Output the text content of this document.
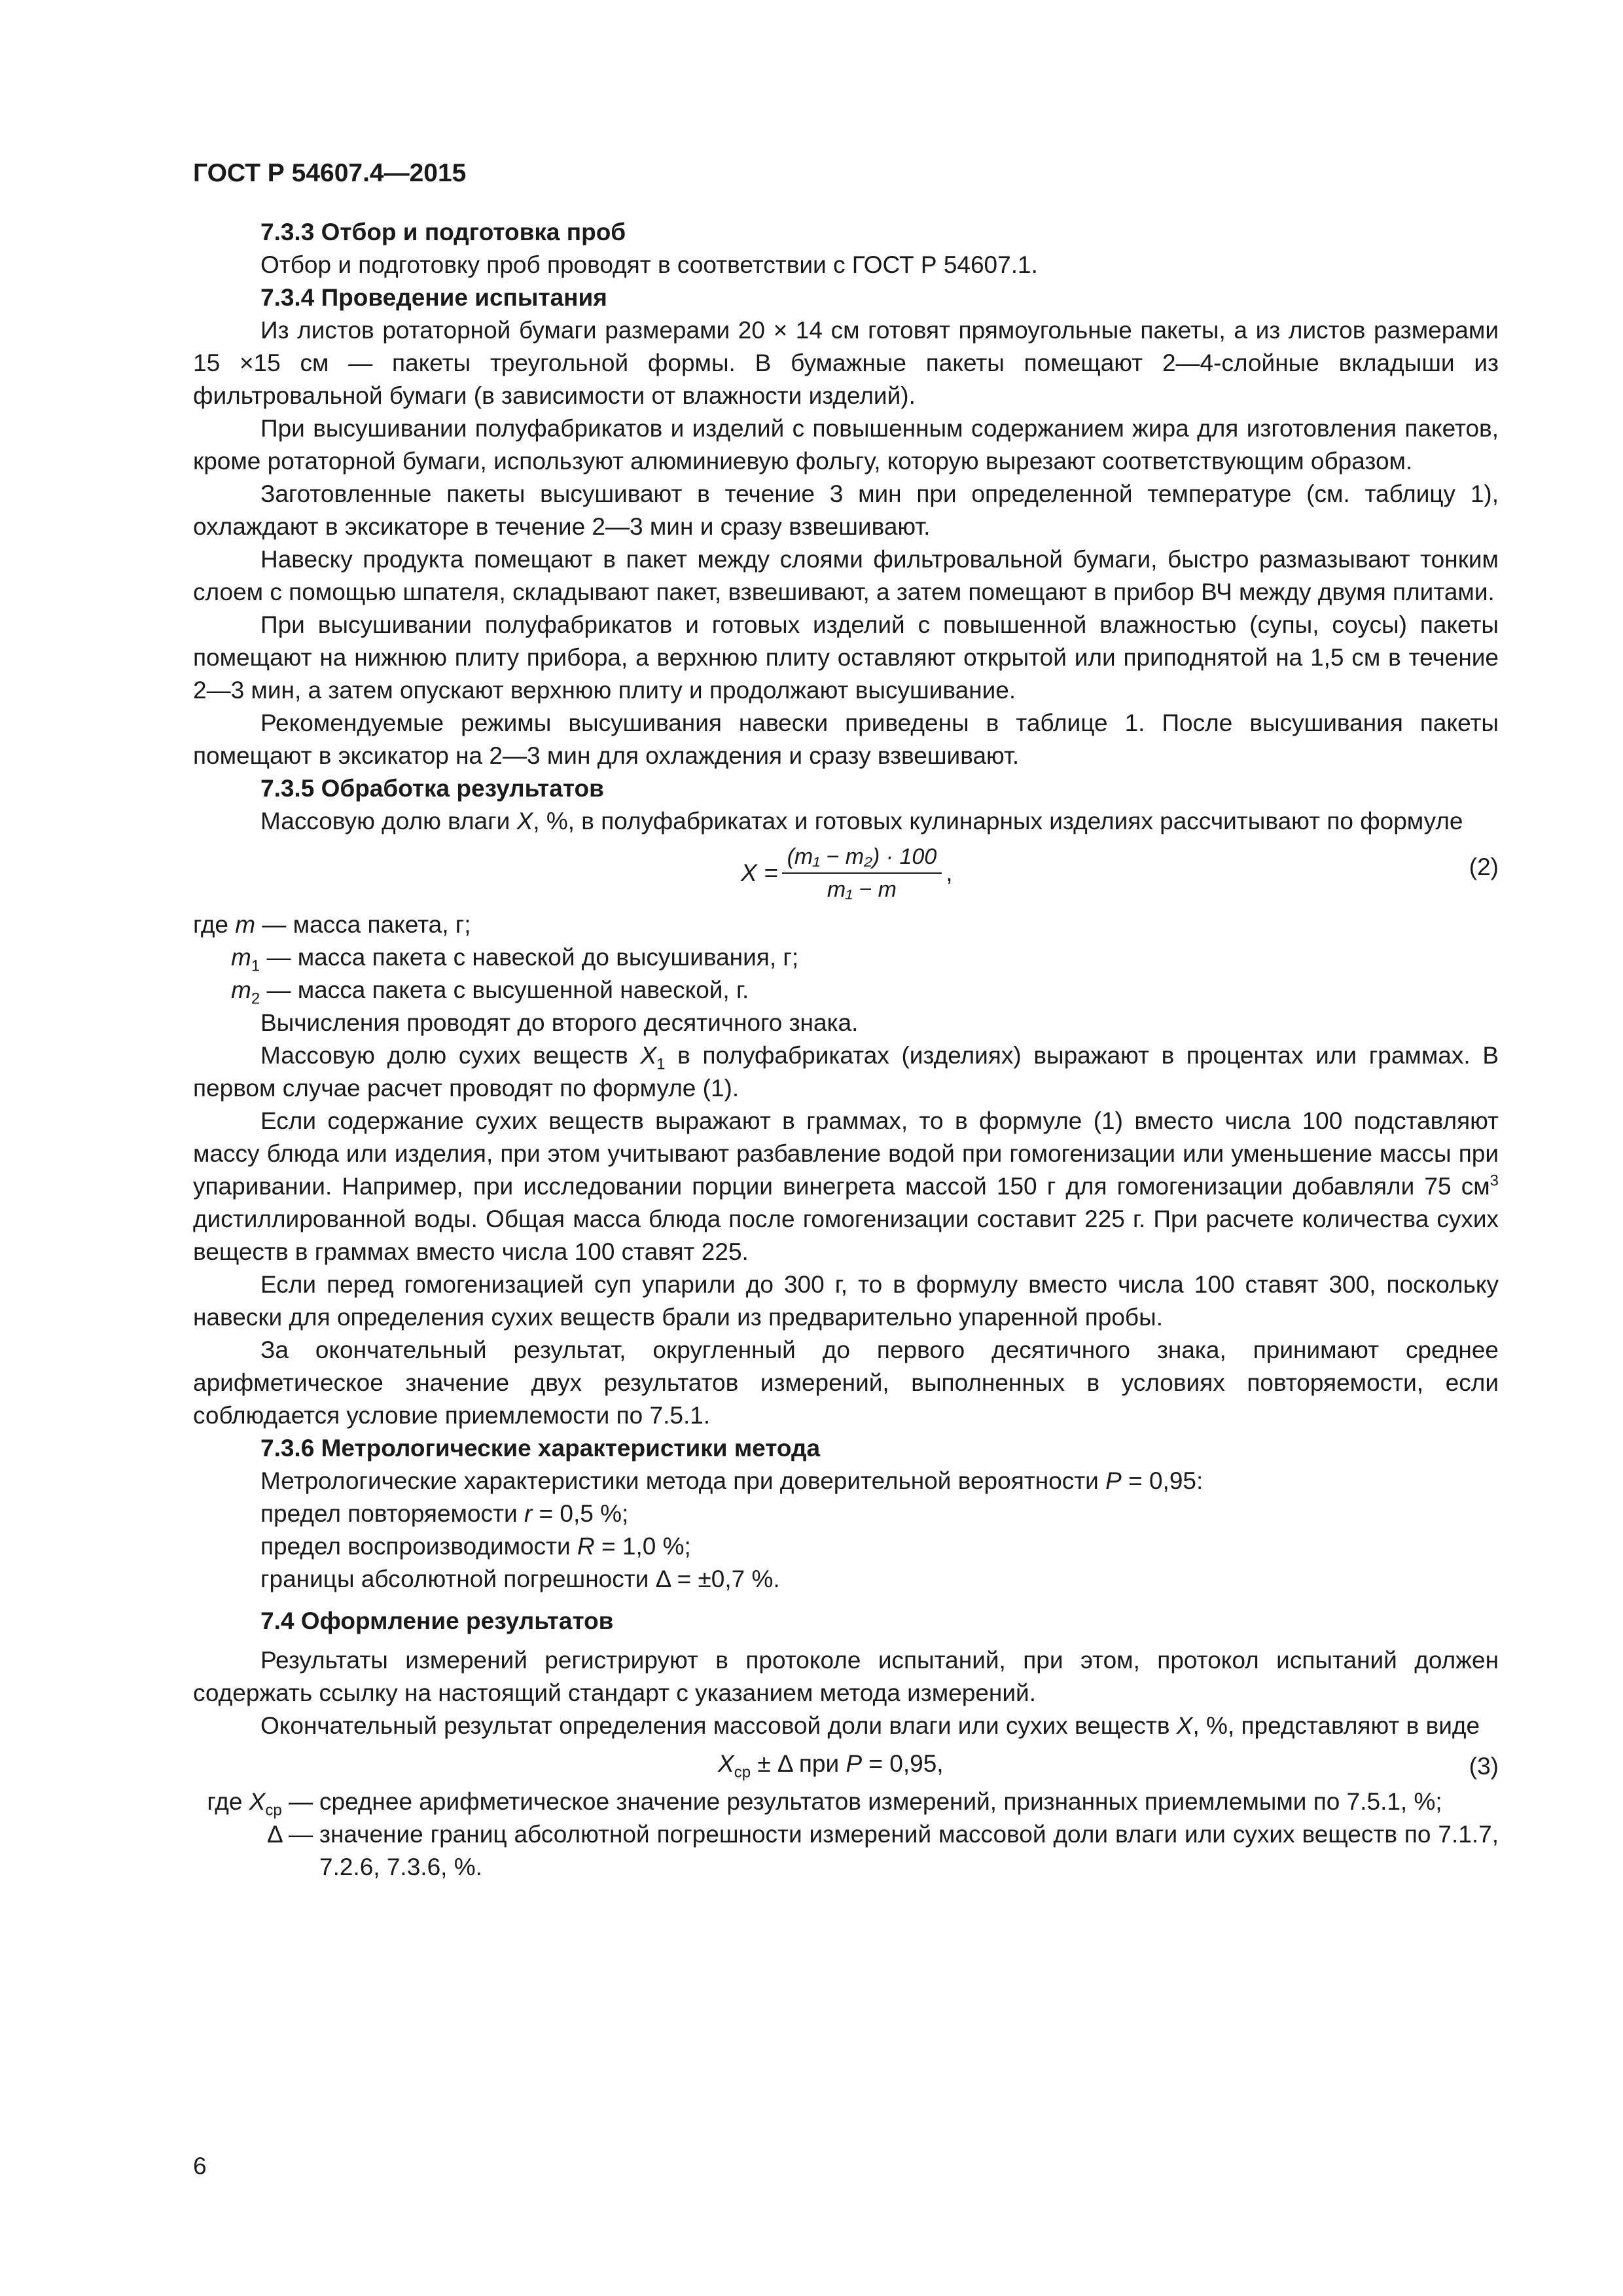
ГОСТ Р 54607.4—2015
7.3.3 Отбор и подготовка проб
Отбор и подготовку проб проводят в соответствии с ГОСТ Р 54607.1.
7.3.4 Проведение испытания
Из листов ротаторной бумаги размерами 20 × 14 см готовят прямоугольные пакеты, а из листов размерами 15 ×15 см — пакеты треугольной формы. В бумажные пакеты помещают 2—4-слойные вкладыши из фильтровальной бумаги (в зависимости от влажности изделий).
При высушивании полуфабрикатов и изделий с повышенным содержанием жира для изготовления пакетов, кроме ротаторной бумаги, используют алюминиевую фольгу, которую вырезают соответствующим образом.
Заготовленные пакеты высушивают в течение 3 мин при определенной температуре (см. таблицу 1), охлаждают в эксикаторе в течение 2—3 мин и сразу взвешивают.
Навеску продукта помещают в пакет между слоями фильтровальной бумаги, быстро размазывают тонким слоем с помощью шпателя, складывают пакет, взвешивают, а затем помещают в прибор ВЧ между двумя плитами.
При высушивании полуфабрикатов и готовых изделий с повышенной влажностью (супы, соусы) пакеты помещают на нижнюю плиту прибора, а верхнюю плиту оставляют открытой или приподнятой на 1,5 см в течение 2—3 мин, а затем опускают верхнюю плиту и продолжают высушивание.
Рекомендуемые режимы высушивания навески приведены в таблице 1. После высушивания пакеты помещают в эксикатор на 2—3 мин для охлаждения и сразу взвешивают.
7.3.5 Обработка результатов
Массовую долю влаги X, %, в полуфабрикатах и готовых кулинарных изделиях рассчитывают по формуле
$X = \frac{\text{(m₁ − m₂) · 100}}{\text{m₁ − m}}$ ,	(2)
где m — масса пакета, г;
$m_1$ — масса пакета с навеской до высушивания, г;
$m_2$ — масса пакета с высушенной навеской, г.
Вычисления проводят до второго десятичного знака.
Массовую долю сухих веществ $X_1$ в полуфабрикатах (изделиях) выражают в процентах или граммах. В первом случае расчет проводят по формуле (1).
Если содержание сухих веществ выражают в граммах, то в формуле (1) вместо числа 100 подставляют массу блюда или изделия, при этом учитывают разбавление водой при гомогенизации или уменьшение массы при упаривании. Например, при исследовании порции винегрета массой 150 г для гомогенизации добавляли 75 $см^3$ дистиллированной воды. Общая масса блюда после гомогенизации составит 225 г. При расчете количества сухих веществ в граммах вместо числа 100 ставят 225.
Если перед гомогенизацией суп упарили до 300 г, то в формулу вместо числа 100 ставят 300, поскольку навески для определения сухих веществ брали из предварительно упаренной пробы.
За окончательный результат, округленный до первого десятичного знака, принимают среднее арифметическое значение двух результатов измерений, выполненных в условиях повторяемости, если соблюдается условие приемлемости по 7.5.1.
7.3.6 Метрологические характеристики метода
Метрологические характеристики метода при доверительной вероятности P = 0,95:
предел повторяемости r = 0,5 %;
предел воспроизводимости R = 1,0 %;
границы абсолютной погрешности Δ = ±0,7 %.
7.4 Оформление результатов
Результаты измерений регистрируют в протоколе испытаний, при этом, протокол испытаний должен содержать ссылку на настоящий стандарт с указанием метода измерений.
Окончательный результат определения массовой доли влаги или сухих веществ X, %, представляют в виде
$X_{ср} \pm \Delta$ при P = 0,95,	(3)
где $X_{ср}$ — среднее арифметическое значение результатов измерений, признанных приемлемыми по 7.5.1, %;
Δ — значение границ абсолютной погрешности измерений массовой доли влаги или сухих веществ по 7.1.7, 7.2.6, 7.3.6, %.
6
